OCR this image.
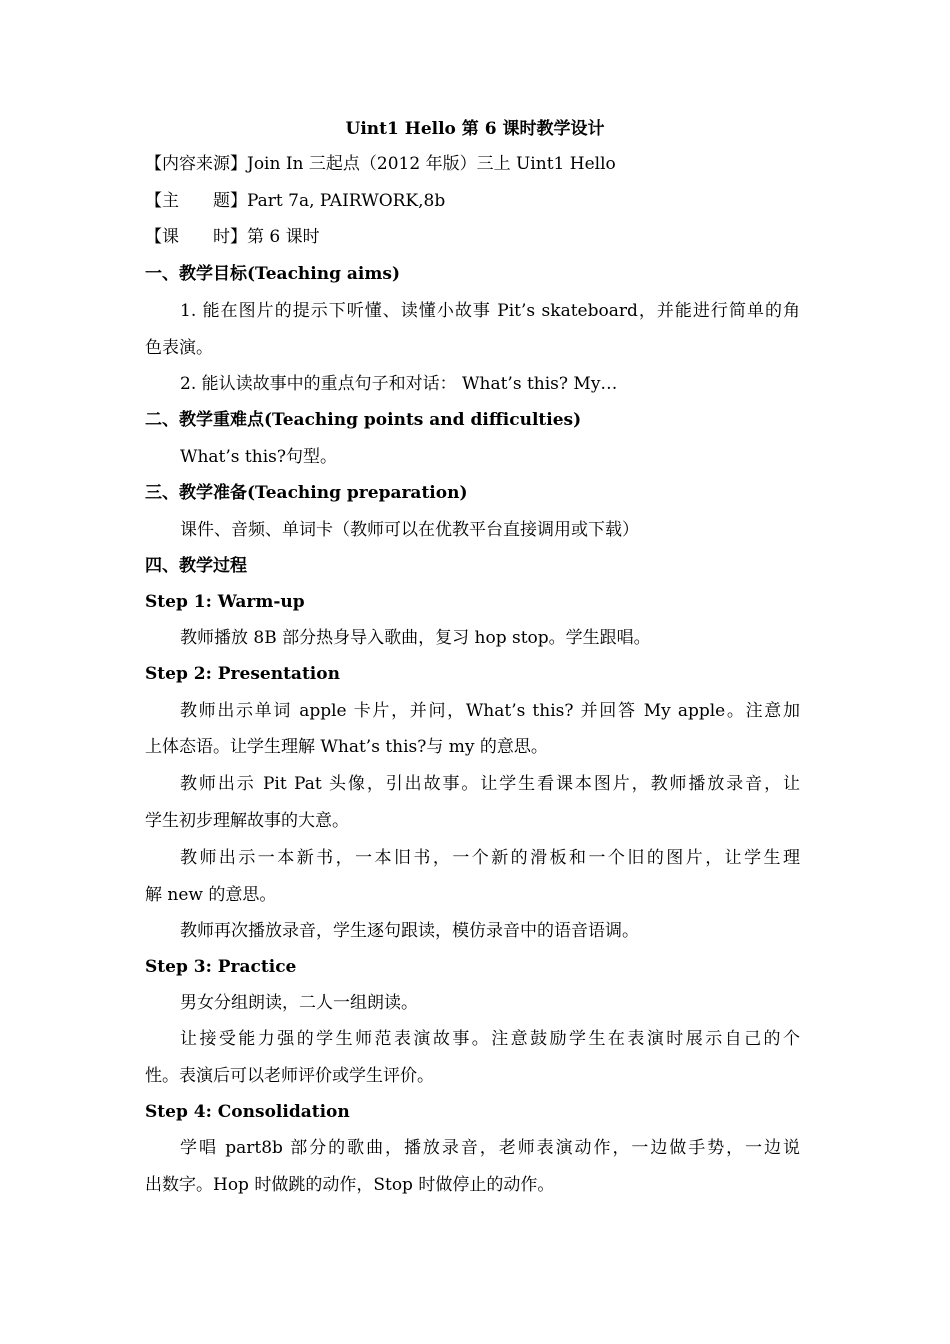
Uint1 Hello 第 6 课时教学设计
【内容来源】Join In 三起点（2012 年版）三上 Uint1 Hello
【主　　题】Part 7a, PAIRWORK,8b
【课　　时】第 6 课时
一、教学目标(Teaching aims)
1. 能在图片的提示下听懂、读懂小故事 Pit’s skateboard，并能进行简单的角
色表演。
2. 能认读故事中的重点句子和对话： What’s this? My…
二、教学重难点(Teaching points and difficulties)
What’s this?句型。
三、教学准备(Teaching preparation)
课件、音频、单词卡（教师可以在优教平台直接调用或下载）
四、教学过程
Step 1: Warm-up
教师播放 8B 部分热身导入歌曲，复习 hop stop。学生跟唱。
Step 2: Presentation
教师出示单词 apple 卡片，并问，What’s this? 并回答 My apple。注意加
上体态语。让学生理解 What’s this?与 my 的意思。
教师出示 Pit Pat 头像，引出故事。让学生看课本图片，教师播放录音，让
学生初步理解故事的大意。
教师出示一本新书，一本旧书，一个新的滑板和一个旧的图片，让学生理
解 new 的意思。
教师再次播放录音，学生逐句跟读，模仿录音中的语音语调。
Step 3: Practice
男女分组朗读，二人一组朗读。
让接受能力强的学生师范表演故事。注意鼓励学生在表演时展示自己的个
性。表演后可以老师评价或学生评价。
Step 4: Consolidation
学唱 part8b 部分的歌曲，播放录音，老师表演动作，一边做手势，一边说
出数字。Hop 时做跳的动作，Stop 时做停止的动作。
